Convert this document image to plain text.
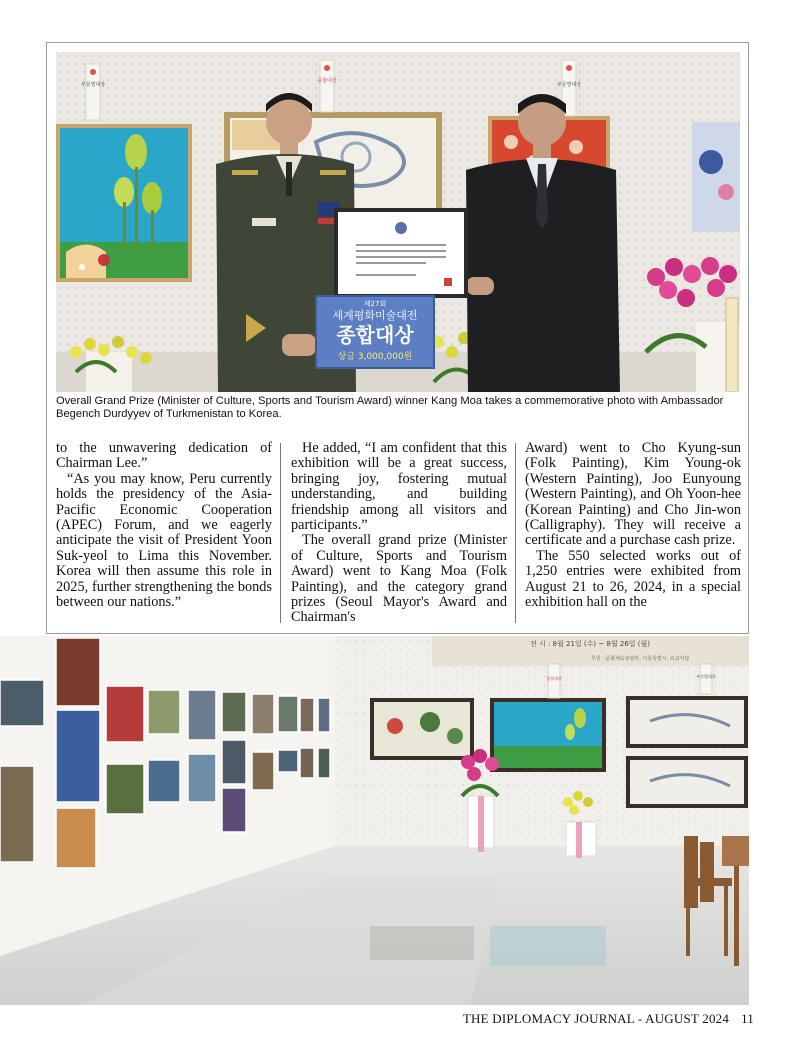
제27회
세계평화미술대전
종합대상
상금 3,000,000원
부문별대상
종합대상
부문별대상
Overall Grand Prize (Minister of Culture, Sports and Tourism Award) winner Kang Moa takes a commemorative photo with Ambassador Begench Durdyyev of Turkmenistan to Korea.

to the unwavering dedication of Chairman Lee.”

“As you may know, Peru currently holds the presidency of the Asia-Pacific Economic Cooperation (APEC) Forum, and we eagerly anticipate the visit of President Yoon Suk-yeol to Lima this November. Korea will then assume this role in 2025, further strengthening the bonds between our nations.”

He added, “I am confident that this exhibition will be a great success, bringing joy, fostering mutual understanding, and building friendship among all visitors and participants.”

The overall grand prize (Minister of Culture, Sports and Tourism Award) went to Kang Moa (Folk Painting), and the category grand prizes (Seoul Mayor's Award and Chairman's

Award) went to Cho Kyung-sun (Folk Painting), Kim Young-ok (Western Painting), Joo Eunyoung (Western Painting), and Oh Yoon-hee (Korean Painting) and Cho Jin-won (Calligraphy). They will receive a certificate and a purchase cash prize.

The 550 selected works out of 1,250 entries were exhibited from August 21 to 26, 2024, in a special exhibition hall on the

전 시 : 8월 21일 (수) ~ 8월 26일 (월)
후원 : 문화체육관광부, 서울특별시, 외교저널
종합대상	부문별대상
THE DIPLOMACY JOURNAL - AUGUST 2024 11
